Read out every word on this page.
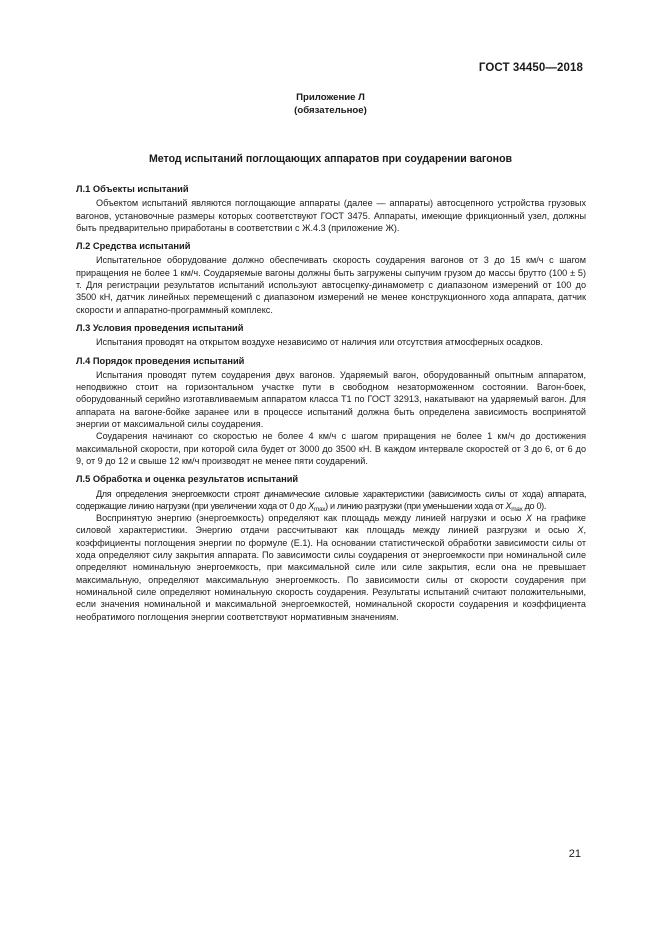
ГОСТ 34450—2018
Приложение Л
(обязательное)
Метод испытаний поглощающих аппаратов при соударении вагонов
Л.1 Объекты испытаний

Объектом испытаний являются поглощающие аппараты (далее — аппараты) автосцепного устройства грузовых вагонов, установочные размеры которых соответствуют ГОСТ 3475. Аппараты, имеющие фрикционный узел, должны быть предварительно приработаны в соответствии с Ж.4.3 (приложение Ж).

Л.2 Средства испытаний

Испытательное оборудование должно обеспечивать скорость соударения вагонов от 3 до 15 км/ч с шагом приращения не более 1 км/ч. Соударяемые вагоны должны быть загружены сыпучим грузом до массы брутто (100 ± 5) т. Для регистрации результатов испытаний используют автосцепку-динамометр с диапазоном измерений от 100 до 3500 кН, датчик линейных перемещений с диапазоном измерений не менее конструкционного хода аппарата, датчик скорости и аппаратно-программный комплекс.

Л.3 Условия проведения испытаний

Испытания проводят на открытом воздухе независимо от наличия или отсутствия атмосферных осадков.

Л.4 Порядок проведения испытаний

Испытания проводят путем соударения двух вагонов. Ударяемый вагон, оборудованный опытным аппаратом, неподвижно стоит на горизонтальном участке пути в свободном незаторможенном состоянии. Вагон-боек, оборудованный серийно изготавливаемым аппаратом класса Т1 по ГОСТ 32913, накатывают на ударяемый вагон. Для аппарата на вагоне-бойке заранее или в процессе испытаний должна быть определена зависимость воспринятой энергии от максимальной силы соударения.

Соударения начинают со скоростью не более 4 км/ч с шагом приращения не более 1 км/ч до достижения максимальной скорости, при которой сила будет от 3000 до 3500 кН. В каждом интервале скоростей от 3 до 6, от 6 до 9, от 9 до 12 и свыше 12 км/ч производят не менее пяти соударений.

Л.5 Обработка и оценка результатов испытаний

Для определения энергоемкости строят динамические силовые характеристики (зависимость силы от хода) аппарата, содержащие линию нагрузки (при увеличении хода от 0 до $X_{max}$) и линию разгрузки (при уменьшении хода от $X_{max}$ до 0).

Воспринятую энергию (энергоемкость) определяют как площадь между линией нагрузки и осью X на графике силовой характеристики. Энергию отдачи рассчитывают как площадь между линией разгрузки и осью X, коэффициенты поглощения энергии по формуле (Е.1). На основании статистической обработки зависимости силы от хода определяют силу закрытия аппарата. По зависимости силы соударения от энергоемкости при номинальной силе определяют номинальную энергоемкость, при максимальной силе или силе закрытия, если она не превышает максимальную, определяют максимальную энергоемкость. По зависимости силы от скорости соударения при номинальной силе определяют номинальную скорость соударения. Результаты испытаний считают положительными, если значения номинальной и максимальной энергоемкостей, номинальной скорости соударения и коэффициента необратимого поглощения энергии соответствуют нормативным значениям.

21
